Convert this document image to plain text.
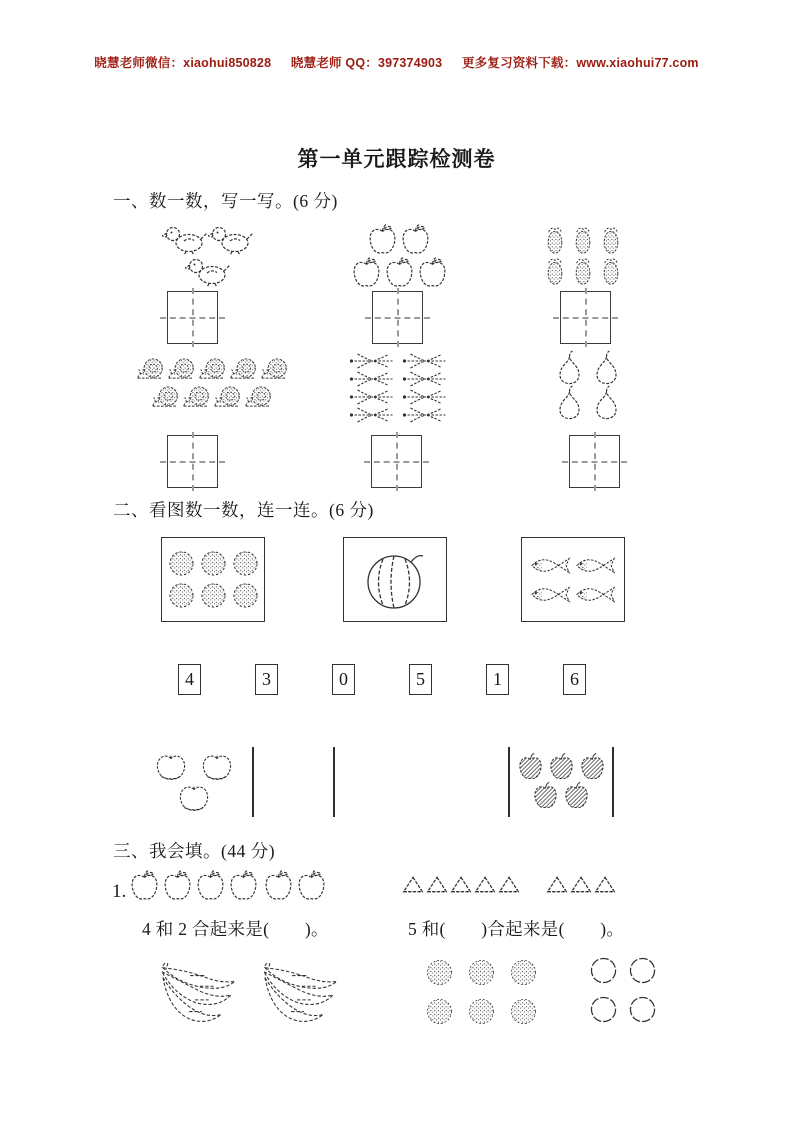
晓慧老师微信：xiaohui850828 晓慧老师 QQ：397374903 更多复习资料下载：www.xiaohui77.com
第一单元跟踪检测卷
一、数一数，写一写。(6 分)
二、看图数一数，连一连。(6 分)
4	3	0	5	1	6
三、我会填。(44 分)
1.
4 和 2 合起来是(　　)。	5 和(　　)合起来是(　　)。
